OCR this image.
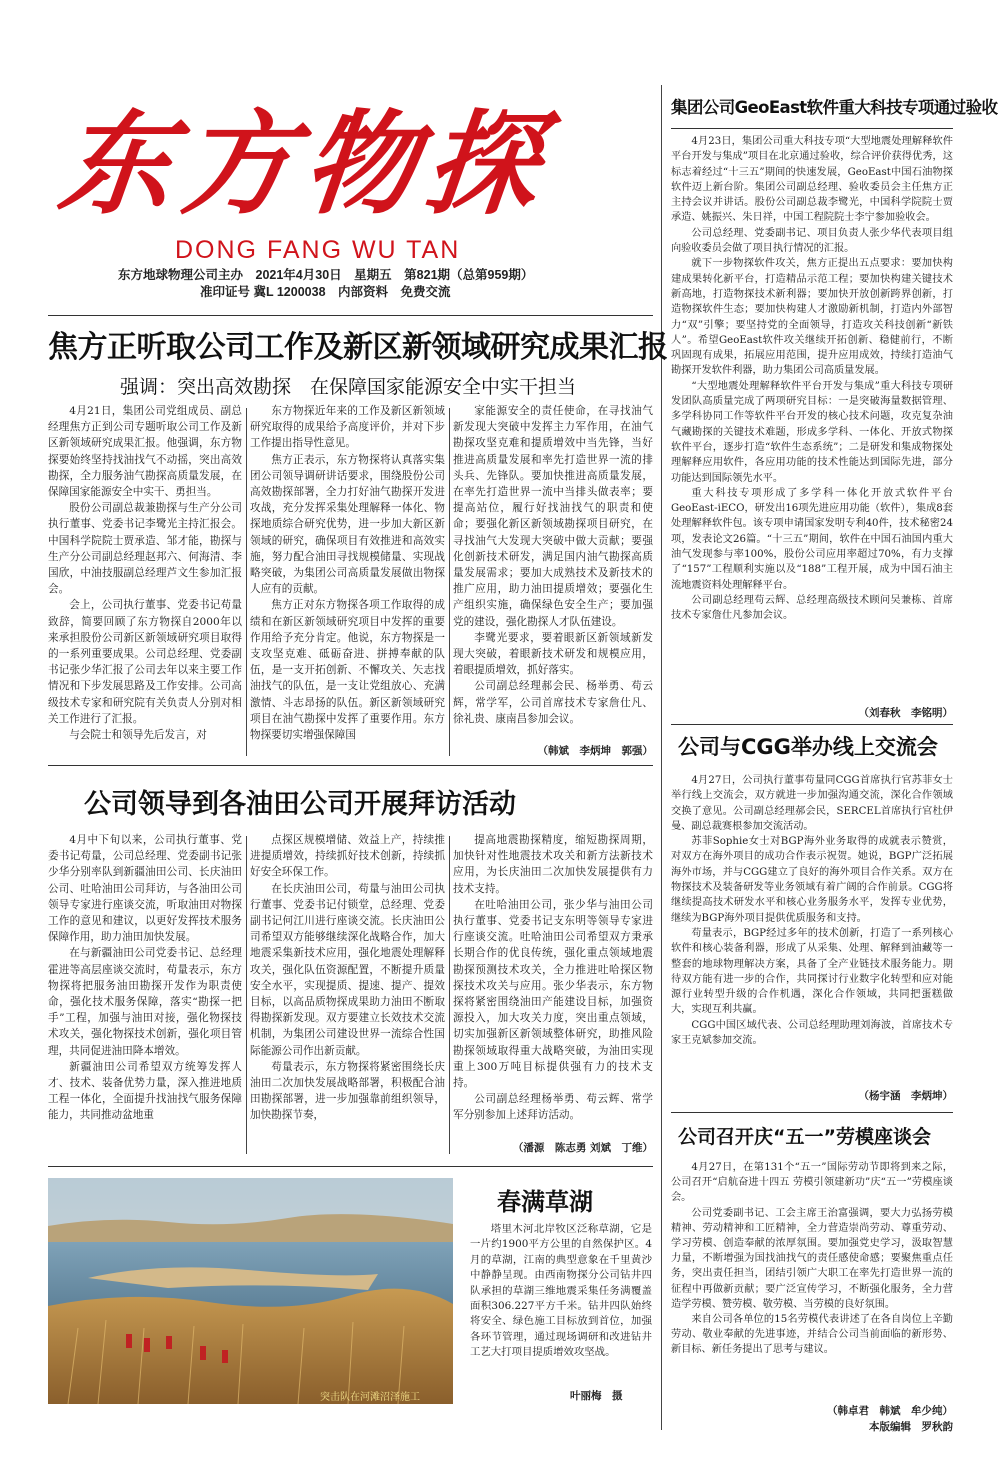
东方物探
DONG FANG WU TAN
东方地球物理公司主办　2021年4月30日　星期五　第821期（总第959期）
准印证号 冀L 1200038　内部资料　免费交流
焦方正听取公司工作及新区新领域研究成果汇报
强调：突出高效勘探　在保障国家能源安全中实干担当

4月21日，集团公司党组成员、副总经理焦方正到公司专题听取公司工作及新区新领域研究成果汇报。他强调，东方物探要始终坚持找油找气不动摇，突出高效勘探，全力服务油气勘探高质量发展，在保障国家能源安全中实干、勇担当。

股份公司副总裁兼勘探与生产分公司执行董事、党委书记李鹭光主持汇报会。中国科学院院士贾承造、邹才能，勘探与生产分公司副总经理赵邦六、何海清、李国欣，中油技服副总经理芦文生参加汇报会。

会上，公司执行董事、党委书记苟量致辞，简要回顾了东方物探自2000年以来承担股份公司新区新领域研究项目取得的一系列重要成果。公司总经理、党委副书记张少华汇报了公司去年以来主要工作情况和下步发展思路及工作安排。公司高级技术专家和研究院有关负责人分别对相关工作进行了汇报。

与会院士和领导先后发言，对

东方物探近年来的工作及新区新领域研究取得的成果给予高度评价，并对下步工作提出指导性意见。

焦方正表示，东方物探将认真落实集团公司领导调研讲话要求，围绕股份公司高效勘探部署，全力打好油气勘探开发进攻战，充分发挥采集处理解释一体化、物探地质综合研究优势，进一步加大新区新领域的研究，确保项目有效推进和高效实施，努力配合油田寻找规模储量、实现战略突破，为集团公司高质量发展做出物探人应有的贡献。

焦方正对东方物探各项工作取得的成绩和在新区新领域研究项目中发挥的重要作用给予充分肯定。他说，东方物探是一支攻坚克难、砥砺奋进、拼搏奉献的队伍，是一支开拓创新、不懈攻关、矢志找油找气的队伍，是一支让党组放心、充满激情、斗志昂扬的队伍。新区新领域研究项目在油气勘探中发挥了重要作用。东方物探要切实增强保障国

家能源安全的责任使命，在寻找油气新发现大突破中发挥主力军作用，在油气勘探攻坚克难和提质增效中当先锋，当好推进高质量发展和率先打造世界一流的排头兵、先锋队。要加快推进高质量发展，在率先打造世界一流中当排头做表率；要提高站位，履行好找油找气的职责和使命；要强化新区新领域勘探项目研究，在寻找油气大发现大突破中做大贡献；要强化创新技术研发，满足国内油气勘探高质量发展需求；要加大成熟技术及新技术的推广应用，助力油田提质增效；要强化生产组织实施，确保绿色安全生产；要加强党的建设，强化勘探人才队伍建设。

李鹭光要求，要着眼新区新领域新发现大突破，着眼新技术研发和规模应用，着眼提质增效，抓好落实。

公司副总经理郝会民、杨举勇、苟云辉，常学军，公司首席技术专家詹仕凡、徐礼贵、康南昌参加会议。

（韩斌　李炳坤　郭强）
公司领导到各油田公司开展拜访活动

4月中下旬以来，公司执行董事、党委书记苟量，公司总经理、党委副书记张少华分别率队到新疆油田公司、长庆油田公司、吐哈油田公司拜访，与各油田公司领导专家进行座谈交流，听取油田对物探工作的意见和建议，以更好发挥技术服务保障作用，助力油田加快发展。

在与新疆油田公司党委书记、总经理霍进等高层座谈交流时，苟量表示，东方物探将把服务油田勘探开发作为职责使命，强化技术服务保障，落实“勘探一把手”工程，加强与油田对接，强化物探技术攻关，强化物探技术创新，强化项目管理，共同促进油田降本增效。

新疆油田公司希望双方统筹发挥人才、技术、装备优势力量，深入推进地质工程一体化，全面提升找油找气服务保障能力，共同推动盆地重

点探区规模增储、效益上产，持续推进提质增效，持续抓好技术创新，持续抓好安全环保工作。

在长庆油田公司，苟量与油田公司执行董事、党委书记付锁堂，总经理、党委副书记何江川进行座谈交流。长庆油田公司希望双方能够继续深化战略合作，加大地震采集新技术应用，强化地震处理解释攻关，强化队伍资源配置，不断提升质量安全水平，实现提质、提速、提产、提效目标，以高品质物探成果助力油田不断取得勘探新发现。双方要建立长效技术交流机制，为集团公司建设世界一流综合性国际能源公司作出新贡献。

苟量表示，东方物探将紧密围绕长庆油田二次加快发展战略部署，积极配合油田勘探部署，进一步加强靠前组织领导，加快勘探节奏，

提高地震勘探精度，缩短勘探周期，加快针对性地震技术攻关和新方法新技术应用，为长庆油田二次加快发展提供有力技术支持。

在吐哈油田公司，张少华与油田公司执行董事、党委书记支东明等领导专家进行座谈交流。吐哈油田公司希望双方秉承长期合作的优良传统，强化重点领域地震勘探预测技术攻关，全力推进吐哈探区物探技术攻关与应用。张少华表示，东方物探将紧密围绕油田产能建设目标，加强资源投入，加大攻关力度，突出重点领域，切实加强新区新领域整体研究，助推风险勘探领域取得重大战略突破，为油田实现重上300万吨目标提供强有力的技术支持。

公司副总经理杨举勇、苟云辉、常学军分别参加上述拜访活动。

（潘源　陈志勇 刘斌　丁维）
突击队在河滩沼泽施工
春满草湖

塔里木河北岸牧区泛称草湖，它是一片约1900平方公里的自然保护区。4月的草湖，江南的典型意象在千里黄沙中静静呈现。由西南物探分公司钻井四队承担的草湖三维地震采集任务满覆盖面积306.227平方千米。钻井四队始终将安全、绿色施工目标放到首位，加强各环节管理，通过现场调研和改进钻井工艺大打项目提质增效攻坚战。

叶丽梅　摄
集团公司GeoEast软件重大科技专项通过验收

4月23日，集团公司重大科技专项“大型地震处理解释软件平台开发与集成”项目在北京通过验收，综合评价获得优秀，这标志着经过“十三五”期间的快速发展，GeoEast中国石油物探软件迈上新台阶。集团公司副总经理、验收委员会主任焦方正主持会议并讲话。股份公司副总裁李鹭光，中国科学院院士贾承造、姚振兴、朱日祥，中国工程院院士李宁参加验收会。

公司总经理、党委副书记、项目负责人张少华代表项目组向验收委员会做了项目执行情况的汇报。

就下一步物探软件攻关，焦方正提出五点要求：要加快构建成果转化新平台，打造精品示范工程；要加快构建关键技术新高地，打造物探技术新利器；要加快开放创新跨界创新，打造物探软件生态；要加快构建人才激励新机制，打造内外部智力“双”引擎；要坚持党的全面领导，打造攻关科技创新“新铁人”。希望GeoEast软件攻关继续开拓创新、稳健前行，不断巩固现有成果，拓展应用范围，提升应用成效，持续打造油气勘探开发软件利器，助力集团公司高质量发展。

“大型地震处理解释软件平台开发与集成”重大科技专项研发团队高质量完成了两项研究目标：一是突破海量数据管理、多学科协同工作等软件平台开发的核心技术问题，攻克复杂油气藏勘探的关键技术难题，形成多学科、一体化、开放式物探软件平台，逐步打造“软件生态系统”；二是研发和集成物探处理解释应用软件，各应用功能的技术性能达到国际先进，部分功能达到国际领先水平。

重大科技专项形成了多学科一体化开放式软件平台GeoEast-iECO，研发出16项先进应用功能（软件），集成8套处理解释软件包。该专项申请国家发明专利40件，技术秘密24项，发表论文26篇。“十三五”期间，软件在中国石油国内重大油气发现参与率100%，股份公司应用率超过70%，有力支撑了“157”工程顺利实施以及“188”工程开展，成为中国石油主流地震资料处理解释平台。

公司副总经理苟云辉、总经理高级技术顾问吴兼栋、首席技术专家詹仕凡参加会议。

（刘春秋　李铭明）
公司与CGG举办线上交流会

4月27日，公司执行董事苟量同CGG首席执行官苏菲女士举行线上交流会，双方就进一步加强沟通交流，深化合作领域交换了意见。公司副总经理郝会民，SERCEL首席执行官杜伊曼、副总裁赛根参加交流活动。

苏菲Sophie女士对BGP海外业务取得的成就表示赞赏，对双方在海外项目的成功合作表示祝贺。她说，BGP广泛拓展海外市场，并与CGG建立了良好的海外项目合作关系。双方在物探技术及装备研发等业务领域有着广阔的合作前景。CGG将继续提高技术研发水平和核心业务服务水平，发挥专业优势，继续为BGP海外项目提供优质服务和支持。

苟量表示，BGP经过多年的技术创新，打造了一系列核心软件和核心装备利器，形成了从采集、处理、解释到油藏等一整套的地球物理解决方案，具备了全产业链技术服务能力。期待双方能有进一步的合作，共同探讨行业数字化转型和应对能源行业转型升级的合作机遇，深化合作领域，共同把蛋糕做大，实现互利共赢。

CGG中国区域代表、公司总经理助理刘海波，首席技术专家王克斌参加交流。

（杨宇涵　李炳坤）
公司召开庆“五一”劳模座谈会

4月27日，在第131个“五一”国际劳动节即将到来之际，公司召开“启航奋进十四五 劳模引领建新功”庆“五一”劳模座谈会。

公司党委副书记、工会主席王治富强调，要大力弘扬劳模精神、劳动精神和工匠精神，全力营造崇尚劳动、尊重劳动、学习劳模、创造奉献的浓厚氛围。要加强党史学习，汲取智慧力量，不断增强为国找油找气的责任感使命感；要聚焦重点任务，突出责任担当，团结引领广大职工在率先打造世界一流的征程中再做新贡献；要广泛宣传学习，不断强化服务，全力营造学劳模、赞劳模、敬劳模、当劳模的良好氛围。

来自公司各单位的15名劳模代表讲述了在各自岗位上辛勤劳动、敬业奉献的先进事迹，并结合公司当前面临的新形势、新目标、新任务提出了思考与建议。

（韩卓君　韩斌　牟少纯）
本版编辑　罗秋韵
